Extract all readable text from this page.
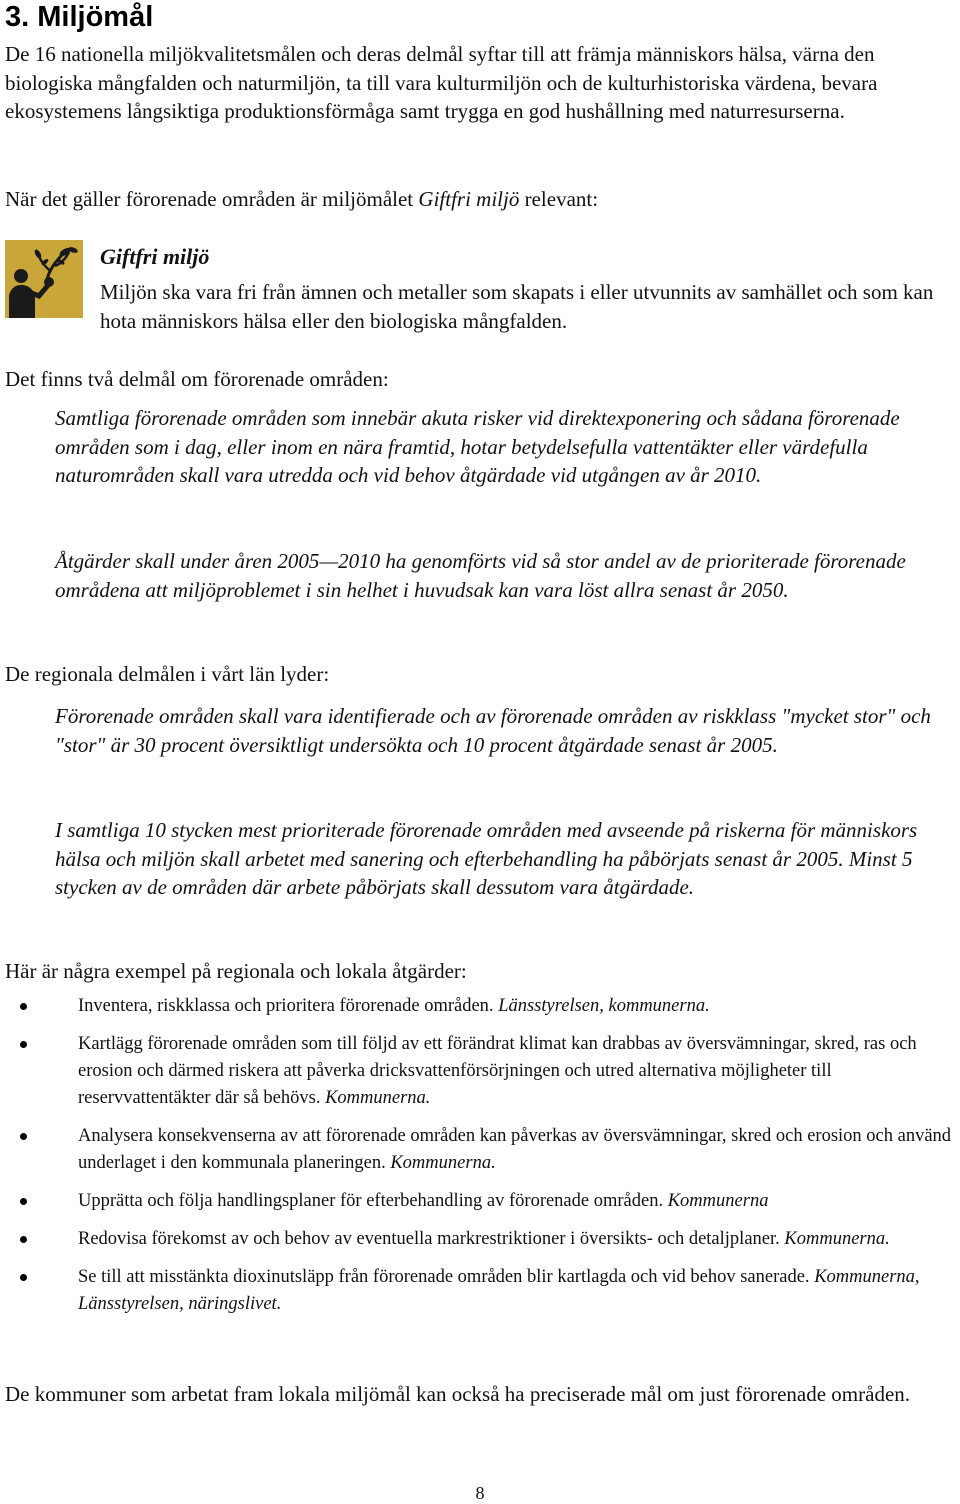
3. Miljömål

De 16 nationella miljökvalitetsmålen och deras delmål syftar till att främja människors hälsa, värna den biologiska mångfalden och naturmiljön, ta till vara kulturmiljön och de kulturhistoriska värdena, bevara ekosystemens långsiktiga produktionsförmåga samt trygga en god hushållning med naturresurserna.

När det gäller förorenade områden är miljömålet Giftfri miljö relevant:

Giftfri miljö

Miljön ska vara fri från ämnen och metaller som skapats i eller utvunnits av samhället och som kan hota människors hälsa eller den biologiska mångfalden.

Det finns två delmål om förorenade områden:

Samtliga förorenade områden som innebär akuta risker vid direktexponering och sådana förorenade områden som i dag, eller inom en nära framtid, hotar betydelsefulla vattentäkter eller värdefulla naturområden skall vara utredda och vid behov åtgärdade vid utgången av år 2010.

Åtgärder skall under åren 2005—2010 ha genomförts vid så stor andel av de prioriterade förorenade områdena att miljöproblemet i sin helhet i huvudsak kan vara löst allra senast år 2050.

De regionala delmålen i vårt län lyder:

Förorenade områden skall vara identifierade och av förorenade områden av riskklass "mycket stor" och "stor" är 30 procent översiktligt undersökta och 10 procent åtgärdade senast år 2005.

I samtliga 10 stycken mest prioriterade förorenade områden med avseende på riskerna för människors hälsa och miljön skall arbetet med sanering och efterbehandling ha påbörjats senast år 2005. Minst 5 stycken av de områden där arbete påbörjats skall dessutom vara åtgärdade.

Här är några exempel på regionala och lokala åtgärder:

Inventera, riskklassa och prioritera förorenade områden. Länsstyrelsen, kommunerna.
Kartlägg förorenade områden som till följd av ett förändrat klimat kan drabbas av översvämningar, skred, ras och erosion och därmed riskera att påverka dricksvattenförsörjningen och utred alternativa möjligheter till reservvattentäkter där så behövs. Kommunerna.
Analysera konsekvenserna av att förorenade områden kan påverkas av översvämningar, skred och erosion och använd underlaget i den kommunala planeringen. Kommunerna.
Upprätta och följa handlingsplaner för efterbehandling av förorenade områden. Kommunerna
Redovisa förekomst av och behov av eventuella markrestriktioner i översikts- och detaljplaner. Kommunerna.
Se till att misstänkta dioxinutsläpp från förorenade områden blir kartlagda och vid behov sanerade. Kommunerna, Länsstyrelsen, näringslivet.

De kommuner som arbetat fram lokala miljömål kan också ha preciserade mål om just förorenade områden.

8
